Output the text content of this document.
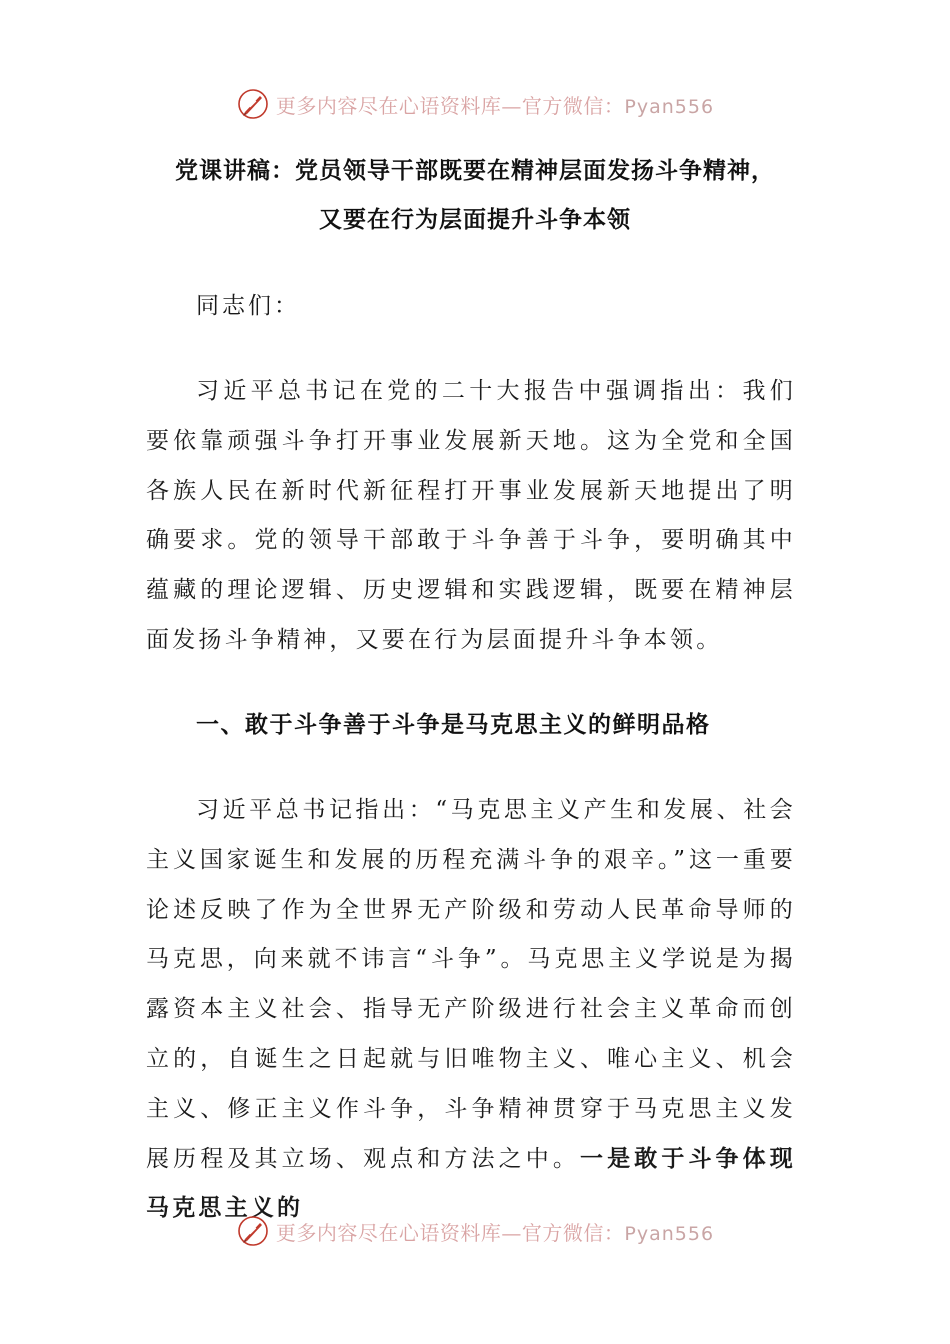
更多内容尽在心语资料库—官方微信：Pyan556
党课讲稿：党员领导干部既要在精神层面发扬斗争精神，
又要在行为层面提升斗争本领

同志们：

习近平总书记在党的二十大报告中强调指出：我们要依靠顽强斗争打开事业发展新天地。这为全党和全国各族人民在新时代新征程打开事业发展新天地提出了明确要求。党的领导干部敢于斗争善于斗争，要明确其中蕴藏的理论逻辑、历史逻辑和实践逻辑，既要在精神层面发扬斗争精神，又要在行为层面提升斗争本领。

一、敢于斗争善于斗争是马克思主义的鲜明品格

习近平总书记指出：“马克思主义产生和发展、社会主义国家诞生和发展的历程充满斗争的艰辛。”这一重要论述反映了作为全世界无产阶级和劳动人民革命导师的马克思，向来就不讳言“斗争”。马克思主义学说是为揭露资本主义社会、指导无产阶级进行社会主义革命而创立的，自诞生之日起就与旧唯物主义、唯心主义、机会主义、修正主义作斗争，斗争精神贯穿于马克思主义发展历程及其立场、观点和方法之中。一是敢于斗争体现马克思主义的

更多内容尽在心语资料库—官方微信：Pyan556
